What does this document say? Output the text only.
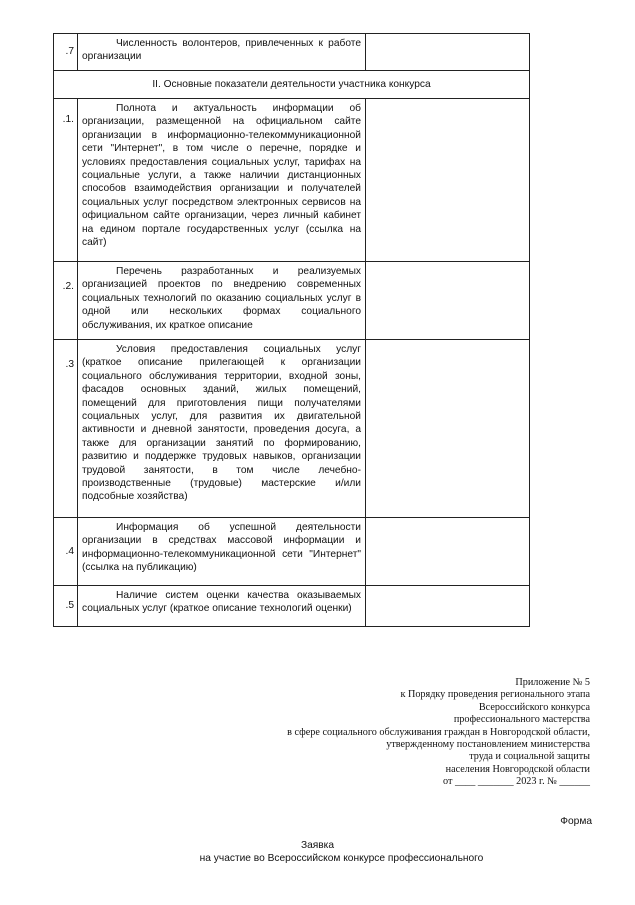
.7	Численность волонтеров, привлеченных к работе организации	

II. Основные показатели деятельности участника конкурса		
.1.	Полнота и актуальность информации об организации, размещенной на официальном сайте организации в информационно-телекоммуникационной сети "Интернет", в том числе о перечне, порядке и условиях предоставления социальных услуг, тарифах на социальные услуги, а также наличии дистанционных способов взаимодействия организации и получателей социальных услуг посредством электронных сервисов на официальном сайте организации, через личный кабинет на едином портале государственных услуг (ссылка на сайт)	

.2.	Перечень разработанных и реализуемых организацией проектов по внедрению современных социальных технологий по оказанию социальных услуг в одной или нескольких формах социального обслуживания, их краткое описание	

.3	Условия предоставления социальных услуг (краткое описание прилегающей к организации социального обслуживания территории, входной зоны, фасадов основных зданий, жилых помещений, помещений для приготовления пищи получателями социальных услуг, для развития их двигательной активности и дневной занятости, проведения досуга, а также для организации занятий по формированию, развитию и поддержке трудовых навыков, организации трудовой занятости, в том числе лечебно-производственные (трудовые) мастерские и/или подсобные хозяйства)	

.4	Информация об успешной деятельности организации в средствах массовой информации и информационно-телекоммуникационной сети "Интернет" (ссылка на публикацию)	

.5	Наличие систем оценки качества оказываемых социальных услуг (краткое описание технологий оценки)	

Приложение № 5
к Порядку проведения регионального этапа
Всероссийского конкурса
профессионального мастерства
в сфере социального обслуживания граждан в Новгородской области,
утвержденному постановлением министерства
труда и социальной защиты
населения Новгородской области
от ____ _______ 2023 г. № ______
Форма
Заявка
на участие во Всероссийском конкурсе профессионального
